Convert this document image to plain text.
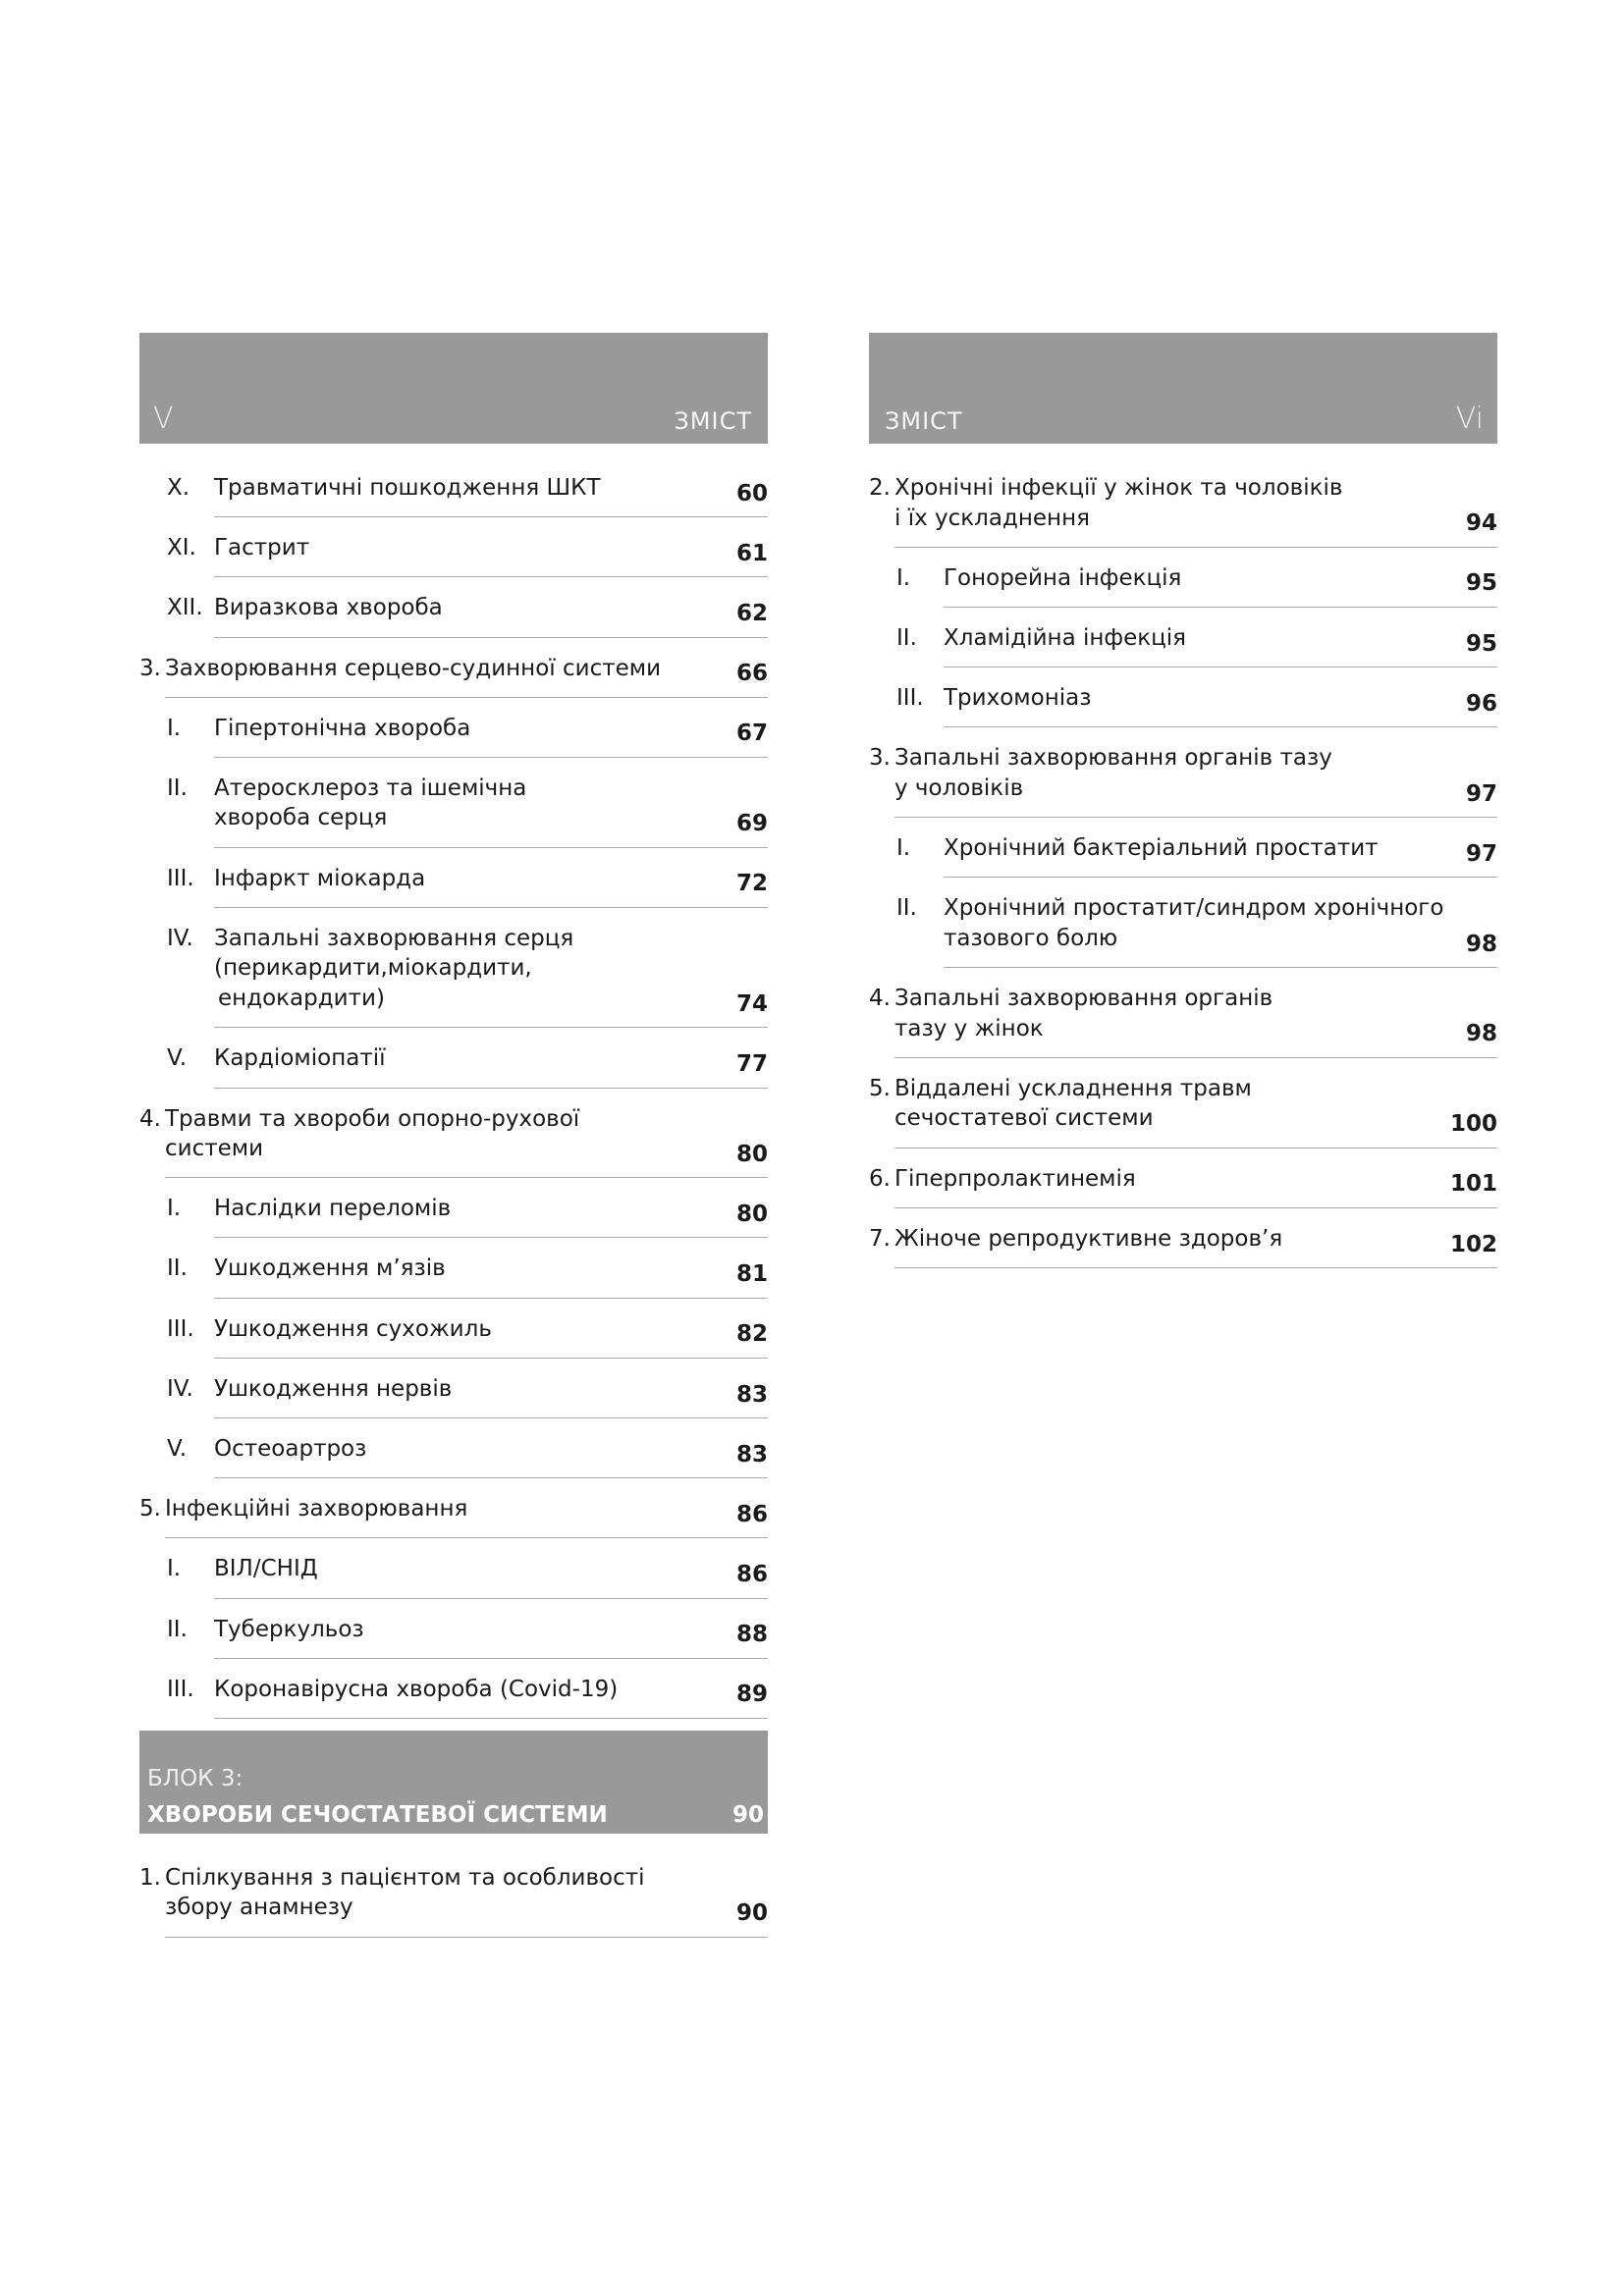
V	ЗМІСТ
X. Травматичні пошкодження ШКТ	60
XI. Гастрит	61
XII. Виразкова хвороба	62
3. Захворювання серцево-судинної системи	66
I. Гіпертонічна хвороба	67
II. Атеросклероз та ішемічна
хвороба серця	69
III. Інфаркт міокарда	72
IV. Запальні захворювання серця
(перикардити,міокардити,
ендокардити)	74
V. Кардіоміопатії	77
4. Травми та хвороби опорно-рухової
системи	80
I. Наслідки переломів	80
II. Ушкодження м’язів	81
III. Ушкодження сухожиль	82
IV. Ушкодження нервів	83
V. Остеоартроз	83
5. Інфекційні захворювання	86
I. ВІЛ/СНІД	86
II. Туберкульоз	88
III. Коронавірусна хвороба (Covid-19)	89
БЛОК 3:
ХВОРОБИ СЕЧОСТАТЕВОЇ СИСТЕМИ	90
1. Спілкування з пацієнтом та особливості
збору анамнезу	90
ЗМІСТ	Vi
2. Хронічні інфекції у жінок та чоловіків
і їх ускладнення	94
I. Гонорейна інфекція	95
II. Хламідійна інфекція	95
III. Трихомоніаз	96
3. Запальні захворювання органів тазу
у чоловіків	97
I. Хронічний бактеріальний простатит	97
II. Хронічний простатит/синдром хронічного
тазового болю	98
4. Запальні захворювання органів
тазу у жінок	98
5. Віддалені ускладнення травм
сечостатевої системи	100
6. Гіперпролактинемія	101
7. Жіноче репродуктивне здоров’я	102
